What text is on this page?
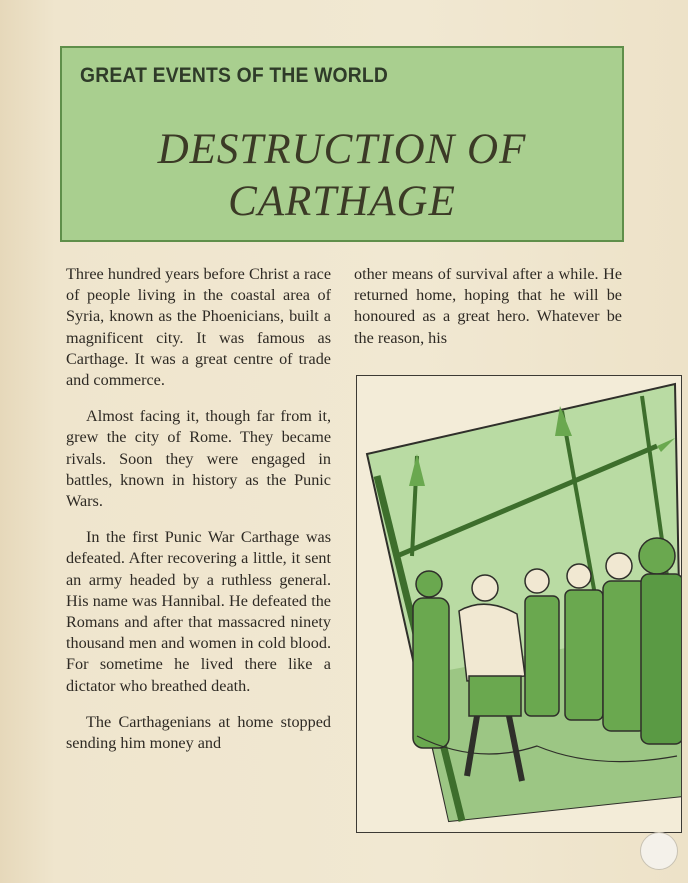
GREAT EVENTS OF THE WORLD
DESTRUCTION OF
CARTHAGE

Three hundred years before Christ a race of people living in the coastal area of Syria, known as the Phoenicians, built a magnificent city. It was famous as Carthage. It was a great centre of trade and commerce.

Almost facing it, though far from it, grew the city of Rome. They became rivals. Soon they were engaged in battles, known in history as the Punic Wars.

In the first Punic War Carthage was defeated. After recovering a little, it sent an army headed by a ruthless general. His name was Hannibal. He defeated the Romans and after that massacred ninety thousand men and women in cold blood. For sometime he lived there like a dictator who breathed death.

The Carthagenians at home stopped sending him money and

other means of survival after a while. He returned home, hoping that he will be honoured as a great hero. Whatever be the reason, his
